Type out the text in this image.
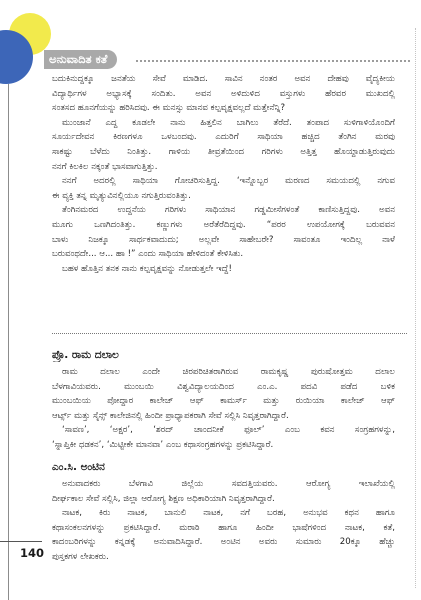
ಅನುವಾದಿತ ಕತೆ
ಬದುಕಿನುದ್ದಕ್ಕೂ ಜನತೆಯ ಸೇವೆ ಮಾಡಿದ. ಸಾವಿನ ನಂತರ ಅವನ ದೇಹವು ವೈದ್ಯಕೀಯ
ವಿದ್ಯಾರ್ಥಿಗಳ ಅಭ್ಯಾಸಕ್ಕೆ ಸಂದಿತು. ಅವನ ಅಳಿದುಳಿದ ವಸ್ತುಗಳು ಹೆರವರ ಮುಖದಲ್ಲಿ
ಸಂತಸದ ಹೂನಗೆಯನ್ನು ಹರಿಸಿದವು. ಈ ಮನಸ್ಸು ಮಾನವ ಕಲ್ಪವೃಕ್ಷವಲ್ಲದೆ ಮತ್ತೇನೆನ್ನಿ?
ಮುಂಜಾನೆ ಎದ್ದ ಕೂಡಲೇ ನಾನು ಹಿತ್ತಲಿನ ಬಾಗಿಲು ತೆರೆದೆ. ತಂಪಾದ ಸುಳಿಗಾಳಿಯೊಂದಿಗೆ
ಸೂರ್ಯದೇವನ ಕಿರಣಗಳೂ ಒಳಬಂದವು. ಎದುರಿಗೆ ಸಾಥಿಯಾ ಹಚ್ಚಿದ ತೆಂಗಿನ ಮರವು
ಸಾಕಷ್ಟು ಬೆಳೆದು ನಿಂತಿತ್ತು. ಗಾಳಿಯ ತೀವ್ರತೆಯಿಂದ ಗರಿಗಳು ಅತ್ತಿತ್ತ ಹೊಯ್ದಾಡುತ್ತಿರುವುದು
ನನಗೆ ಕಿಲಕಿಲ ನಕ್ಕಂತೆ ಭಾಸವಾಗುತ್ತಿತ್ತು.
ನನಗೆ ಅದರಲ್ಲಿ ಸಾಥಿಯಾ ಗೋಚರಿಸುತ್ತಿದ್ದ. ‘ಇನ್ನೊಬ್ಬರ ಮರಣದ ಸಮಯದಲ್ಲಿ ನಗುವ
ಈ ವ್ಯಕ್ತಿ ತನ್ನ ಮೃತ್ಯುವಿನಲ್ಲಿಯೂ ನಗುತ್ತಿರುವಂತಿತ್ತು.
ತೆಂಗಿನಮರದ ಉದ್ದನೆಯ ಗರಿಗಳು ಸಾಥಿಯಾನ ಗಡ್ಡಮೀಸೆಗಳಂತೆ ಕಾಣಿಸುತ್ತಿದ್ದವು. ಅವನ
ಮೂಗು ಒಣಗಿದಂತಿತ್ತು. ಕಣ್ಣುಗಳು ಅರೆತೆರೆದಿದ್ದವು. “ಪರರ ಉಪಯೋಗಕ್ಕೆ ಬರುವವನ
ಬಾಳು ನಿಜಕ್ಕೂ ಸಾರ್ಥಕವಾದುದು; ಅಲ್ಲವೇ ಸಾಹೇಬರೇ? ಸಾವಂತೂ ಇಂದಿಲ್ಲ ನಾಳೆ
ಬರುವಂಥದೇ... ಆ... ಹಾ !” ಎಂದು ಸಾಥಿಯಾ ಹೇಳಿದಂತೆ ಕೇಳಿಸಿತು.
ಬಹಳ ಹೊತ್ತಿನ ತನಕ ನಾನು ಕಲ್ಪವೃಕ್ಷವನ್ನು ನೋಡುತ್ತಲೇ ಇದ್ದೆ!
ಪ್ರೊ. ರಾಮ ದಲಾಲ
ರಾಮ ದಲಾಲ ಎಂದೇ ಚಿರಪರಿಚಿತರಾಗಿರುವ ರಾಮಕೃಷ್ಣ ಪುರುಷೋತ್ತಮ ದಲಾಲ
ಬೆಳಗಾವಿಯವರು. ಮುಂಬಯಿ ವಿಶ್ವವಿದ್ಯಾಲಯದಿಂದ ಎಂ.ಎ. ಪದವಿ ಪಡೆದ ಬಳಿಕ
ಮುಂಬಯಿಯ ಪೋದ್ದಾರ ಕಾಲೇಜ್ ಆಫ್ ಕಾಮರ್ಸ್ ಮತ್ತು ರುಯಿಯಾ ಕಾಲೇಜ್ ಆಫ್
ಆರ್ಟ್ಸ್ ಮತ್ತು ಸೈನ್ಸ್ ಕಾಲೇಜಿನಲ್ಲಿ ಹಿಂದೀ ಪ್ರಾಧ್ಯಾಪಕರಾಗಿ ಸೇವೆ ಸಲ್ಲಿಸಿ ನಿವೃತ್ತರಾಗಿದ್ದಾರೆ.
‘ಸಾವಣ’, ‘ಅಕ್ಷರ’, ‘ಶರದ್ ಚಾಂದನೀಕೆ ಫೂಲ್’ ಎಂಬ ಕವನ ಸಂಗ್ರಹಗಳನ್ನು,
‘ಸ್ನಾಪ್ತಿಕೀ ಧಡಕನ’, ‘ಮಿಟ್ಟೀಕೇ ಮಾನವಾ’ ಎಂಬ ಕಥಾಸಂಗ್ರಹಗಳನ್ನು ಪ್ರಕಟಿಸಿದ್ದಾರೆ.
ಎಂ.ಸಿ. ಅಂಟಿನ
ಅನುವಾದಕರು ಬೆಳಗಾವಿ ಜಿಲ್ಲೆಯ ಸವದತ್ತಿಯವರು. ಆರೋಗ್ಯ ಇಲಾಖೆಯಲ್ಲಿ
ದೀರ್ಘಕಾಲ ಸೇವೆ ಸಲ್ಲಿಸಿ, ಜಿಲ್ಲಾ ಆರೋಗ್ಯ ಶಿಕ್ಷಣ ಅಧಿಕಾರಿಯಾಗಿ ನಿವೃತ್ತರಾಗಿದ್ದಾರೆ.
ನಾಟಕ, ಕಿರು ನಾಟಕ, ಬಾನುಲಿ ನಾಟಕ, ನಗೆ ಬರಹ, ಅನುಭವ ಕಥನ ಹಾಗೂ
ಕಥಾಸಂಕಲನಗಳನ್ನು ಪ್ರಕಟಿಸಿದ್ದಾರೆ. ಮರಾಠಿ ಹಾಗೂ ಹಿಂದೀ ಭಾಷೆಗಳಿಂದ ನಾಟಕ, ಕತೆ,
ಕಾದಂಬರಿಗಳನ್ನು ಕನ್ನಡಕ್ಕೆ ಅನುವಾದಿಸಿದ್ದಾರೆ. ಅಂಟಿನ ಅವರು ಸುಮಾರು 20ಕ್ಕೂ ಹೆಚ್ಚು
ಪುಸ್ತಕಗಳ ಲೇಖಕರು.
140
